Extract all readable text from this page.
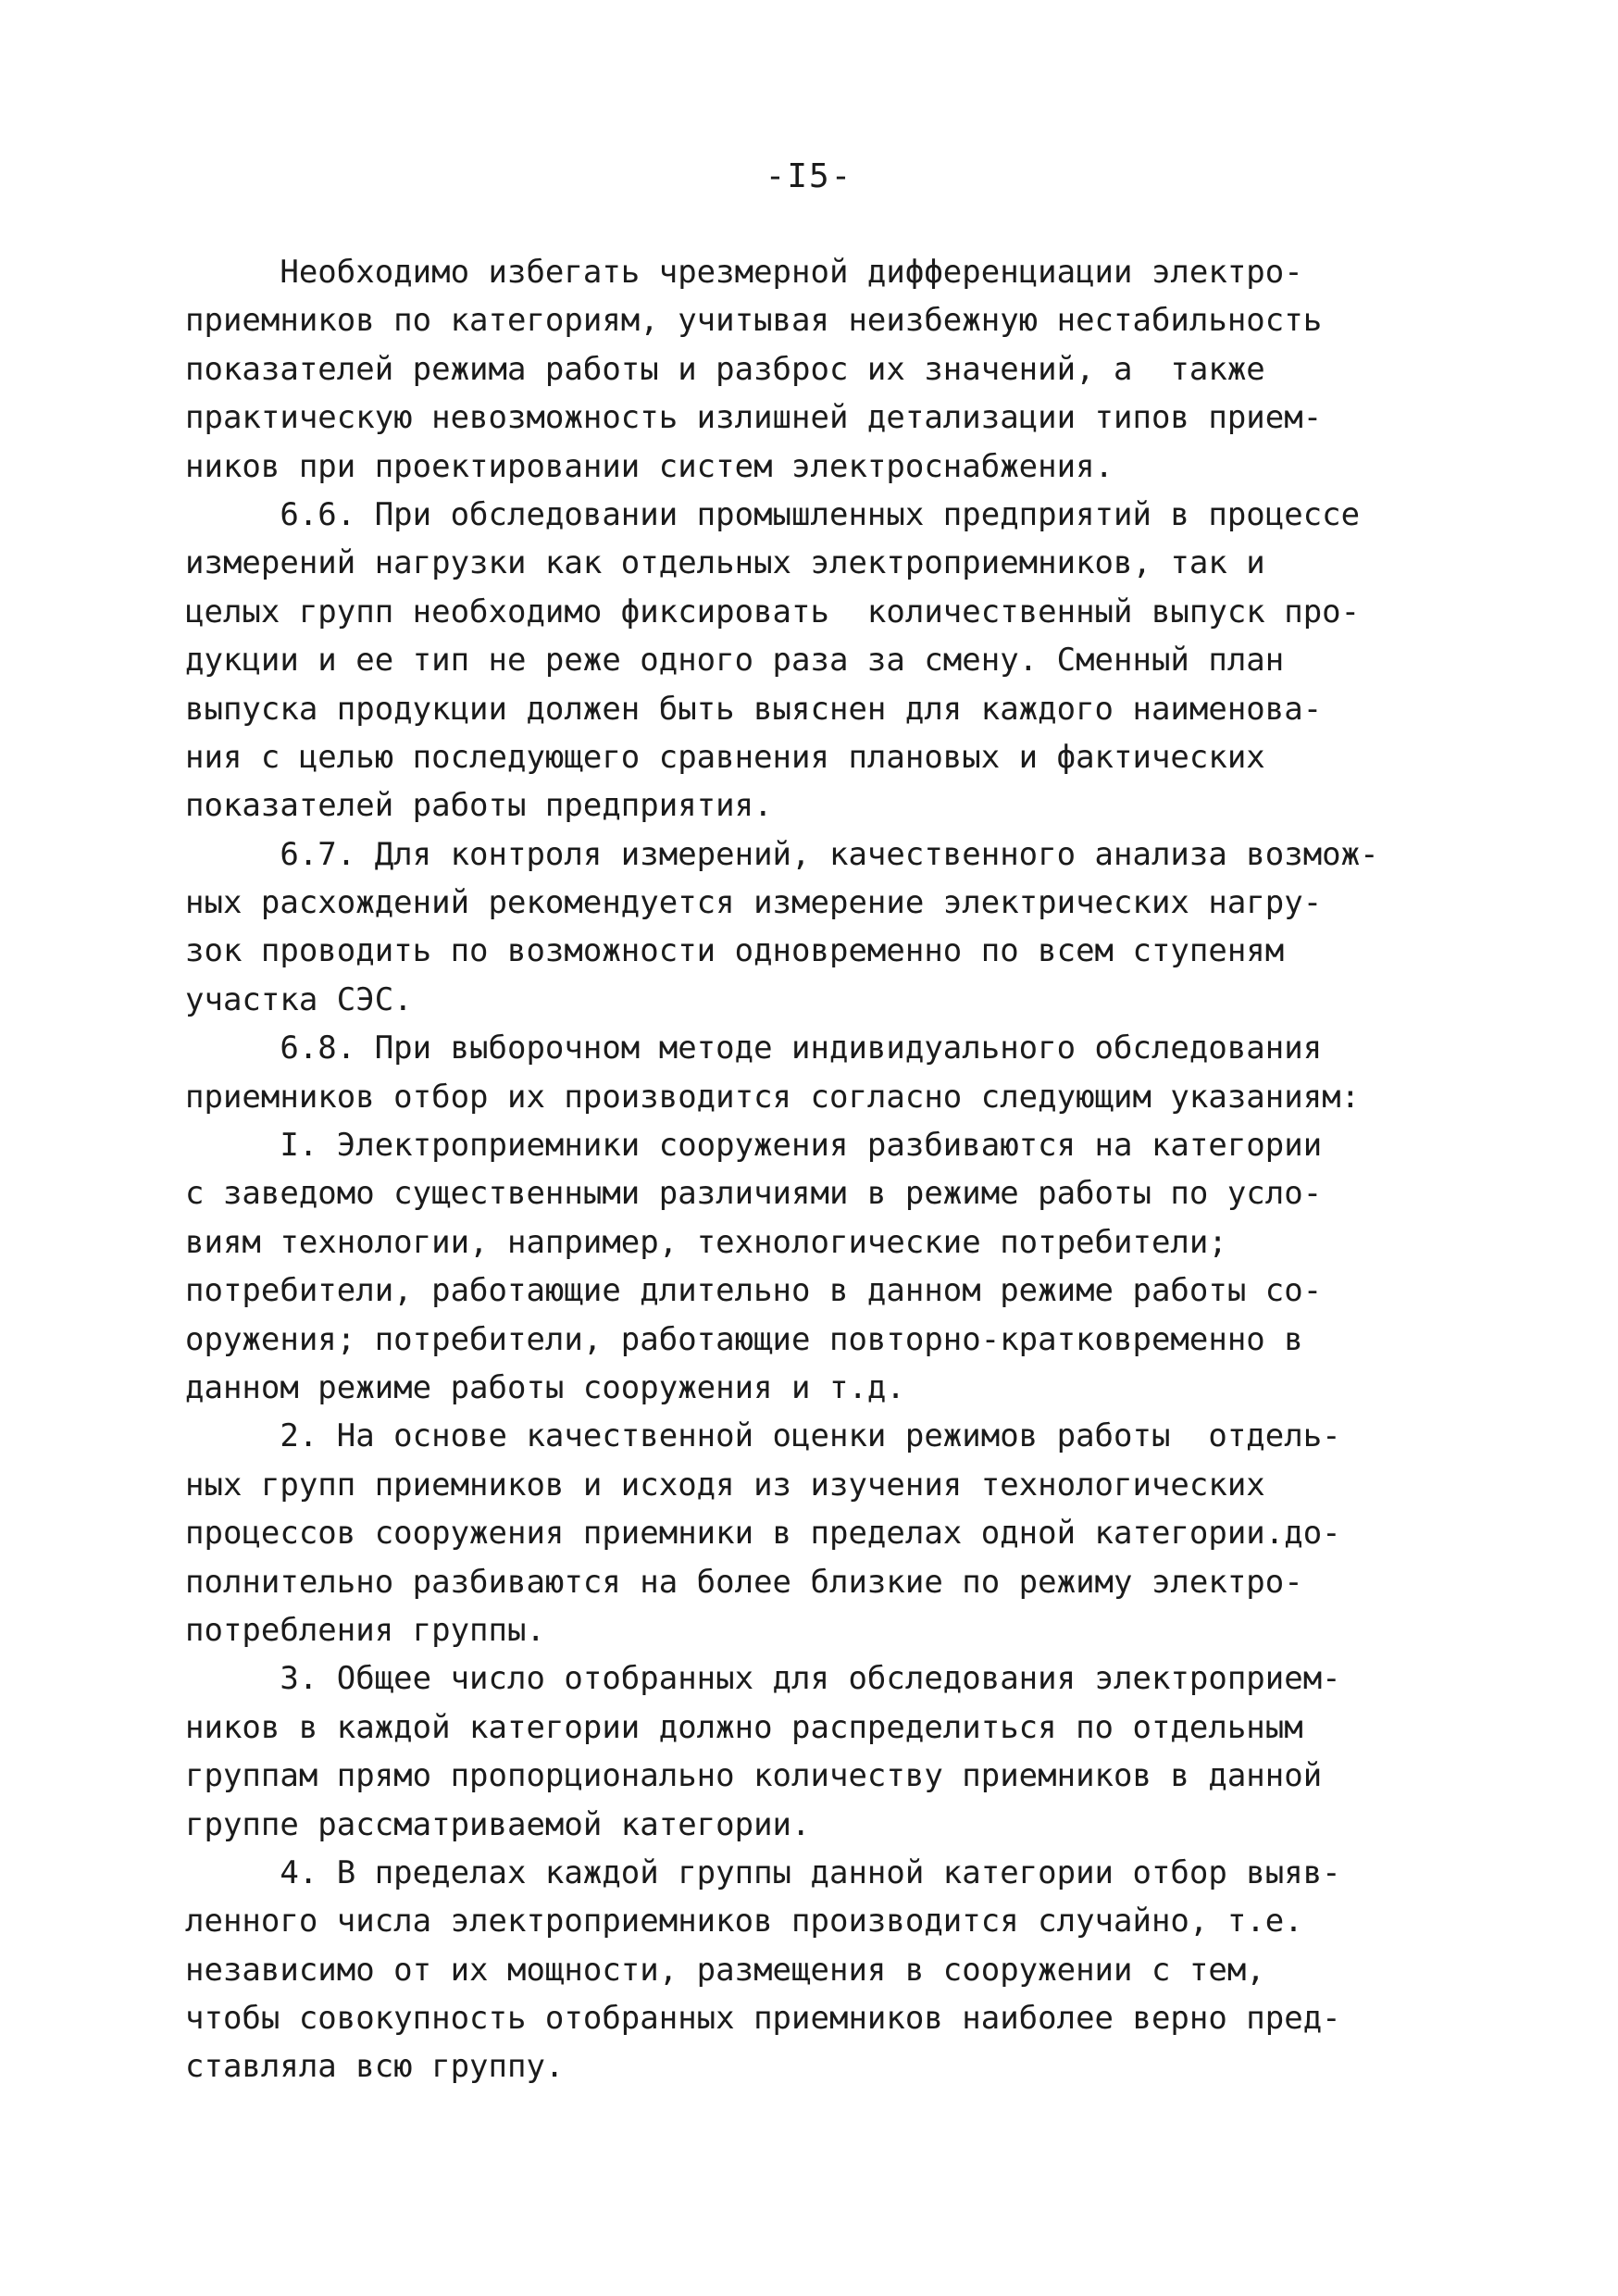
-I5-
Необходимо избегать чрезмерной дифференциации электро-
приемников по категориям, учитывая неизбежную нестабильность
показателей режима работы и разброс их значений, а  также
практическую невозможность излишней детализации типов прием-
ников при проектировании систем электроснабжения.
6.6. При обследовании промышленных предприятий в процессе
измерений нагрузки как отдельных электроприемников, так и
целых групп необходимо фиксировать  количественный выпуск про-
дукции и ее тип не реже одного раза за смену. Сменный план
выпуска продукции должен быть выяснен для каждого наименова-
ния с целью последующего сравнения плановых и фактических
показателей работы предприятия.
6.7. Для контроля измерений, качественного анализа возмож-
ных расхождений рекомендуется измерение электрических нагру-
зок проводить по возможности одновременно по всем ступеням
участка СЭС.
6.8. При выборочном методе индивидуального обследования
приемников отбор их производится согласно следующим указаниям:
I. Электроприемники сооружения разбиваются на категории
с заведомо существенными различиями в режиме работы по усло-
виям технологии, например, технологические потребители;
потребители, работающие длительно в данном режиме работы со-
оружения; потребители, работающие повторно-кратковременно в
данном режиме работы сооружения и т.д.
2. На основе качественной оценки режимов работы  отдель-
ных групп приемников и исходя из изучения технологических
процессов сооружения приемники в пределах одной категории.до-
полнительно разбиваются на более близкие по режиму электро-
потребления группы.
3. Общее число отобранных для обследования электроприем-
ников в каждой категории должно распределиться по отдельным
группам прямо пропорционально количеству приемников в данной
группе рассматриваемой категории.
4. В пределах каждой группы данной категории отбор выяв-
ленного числа электроприемников производится случайно, т.е.
независимо от их мощности, размещения в сооружении с тем,
чтобы совокупность отобранных приемников наиболее верно пред-
ставляла всю группу.
